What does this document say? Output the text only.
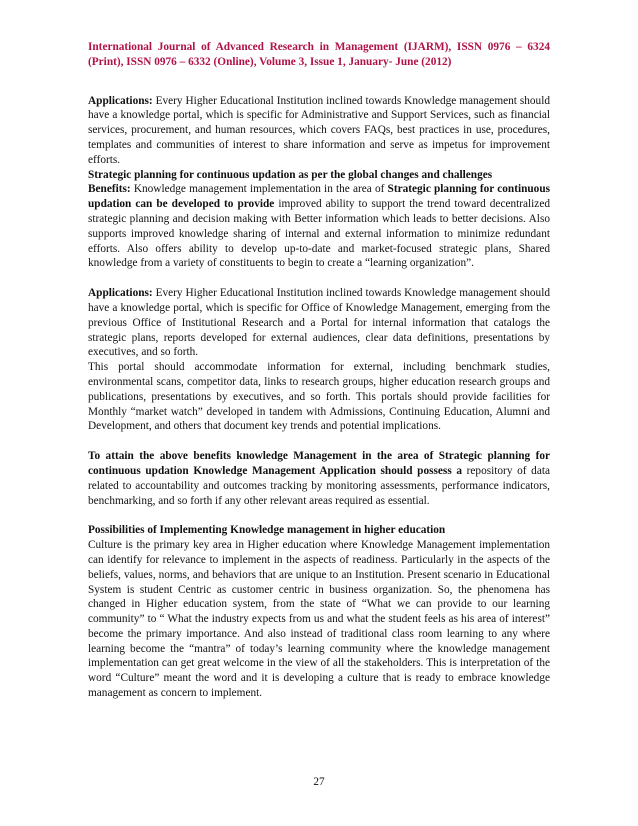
International Journal of Advanced Research in Management (IJARM), ISSN 0976 – 6324 (Print), ISSN 0976 – 6332 (Online), Volume 3, Issue 1, January- June (2012)

Applications: Every Higher Educational Institution inclined towards Knowledge management should have a knowledge portal, which is specific for Administrative and Support Services, such as financial services, procurement, and human resources, which covers FAQs, best practices in use, procedures, templates and communities of interest to share information and serve as impetus for improvement efforts.

Strategic planning for continuous updation as per the global changes and challenges

Benefits: Knowledge management implementation in the area of Strategic planning for continuous updation can be developed to provide improved ability to support the trend toward decentralized strategic planning and decision making with Better information which leads to better decisions. Also supports improved knowledge sharing of internal and external information to minimize redundant efforts. Also offers ability to develop up-to-date and market-focused strategic plans, Shared knowledge from a variety of constituents to begin to create a “learning organization”.

Applications: Every Higher Educational Institution inclined towards Knowledge management should have a knowledge portal, which is specific for Office of Knowledge Management, emerging from the previous Office of Institutional Research and a Portal for internal information that catalogs the strategic plans, reports developed for external audiences, clear data definitions, presentations by executives, and so forth.

This portal should accommodate information for external, including benchmark studies, environmental scans, competitor data, links to research groups, higher education research groups and publications, presentations by executives, and so forth. This portals should provide facilities for Monthly “market watch” developed in tandem with Admissions, Continuing Education, Alumni and Development, and others that document key trends and potential implications.

To attain the above benefits knowledge Management in the area of Strategic planning for continuous updation Knowledge Management Application should possess a repository of data related to accountability and outcomes tracking by monitoring assessments, performance indicators, benchmarking, and so forth if any other relevant areas required as essential.

Possibilities of Implementing Knowledge management in higher education

Culture is the primary key area in Higher education where Knowledge Management implementation can identify for relevance to implement in the aspects of readiness. Particularly in the aspects of the beliefs, values, norms, and behaviors that are unique to an Institution. Present scenario in Educational System is student Centric as customer centric in business organization. So, the phenomena has changed in Higher education system, from the state of “What we can provide to our learning community” to “ What the industry expects from us and what the student feels as his area of interest” become the primary importance. And also instead of traditional class room learning to any where learning become the “mantra” of today’s learning community where the knowledge management implementation can get great welcome in the view of all the stakeholders. This is interpretation of the word “Culture” meant the word and it is developing a culture that is ready to embrace knowledge management as concern to implement.

27
